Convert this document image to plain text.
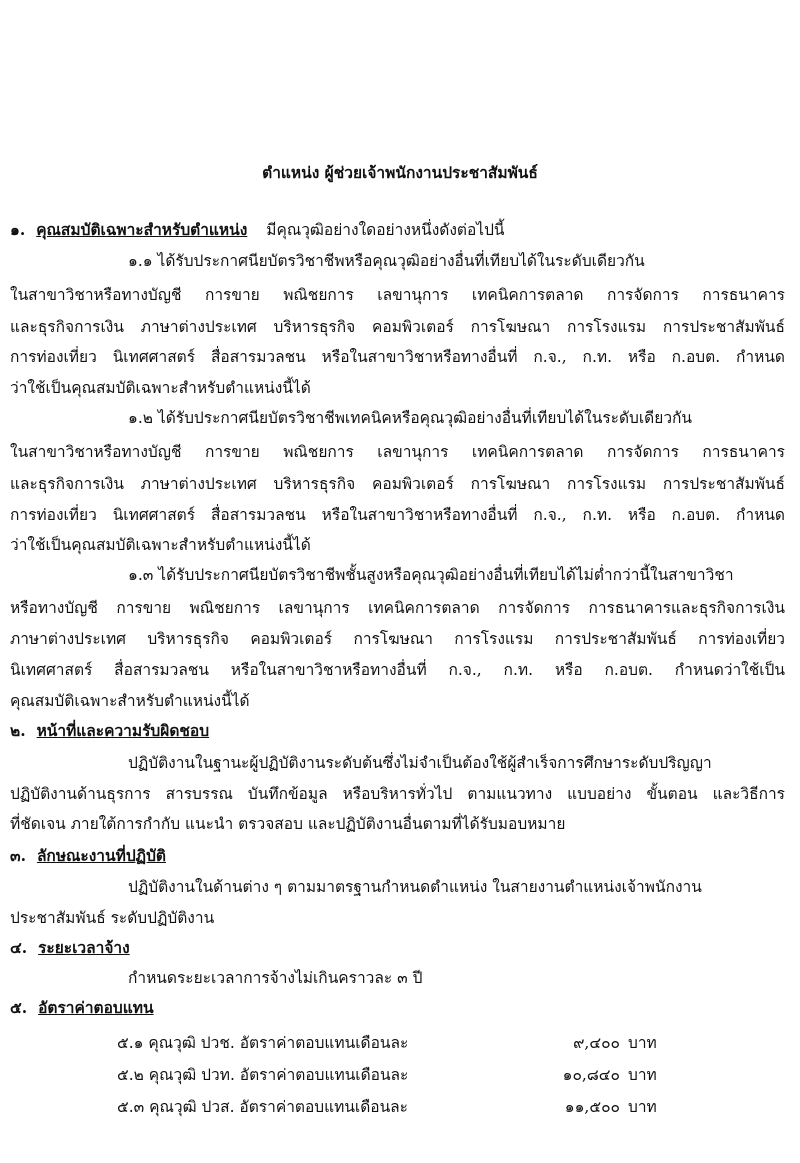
ตำแหน่ง ผู้ช่วยเจ้าพนักงานประชาสัมพันธ์
๑. คุณสมบัติเฉพาะสำหรับตำแหน่ง มีคุณวุฒิอย่างใดอย่างหนึ่งดังต่อไปนี้
๑.๑ ได้รับประกาศนียบัตรวิชาชีพหรือคุณวุฒิอย่างอื่นที่เทียบได้ในระดับเดียวกัน
ในสาขาวิชาหรือทางบัญชี การขาย พณิชยการ เลขานุการ เทคนิคการตลาด การจัดการ การธนาคาร
และธุรกิจการเงิน ภาษาต่างประเทศ บริหารธุรกิจ คอมพิวเตอร์ การโฆษณา การโรงแรม การประชาสัมพันธ์
การท่องเที่ยว นิเทศศาสตร์ สื่อสารมวลชน หรือในสาขาวิชาหรือทางอื่นที่ ก.จ., ก.ท. หรือ ก.อบต. กำหนด
ว่าใช้เป็นคุณสมบัติเฉพาะสำหรับตำแหน่งนี้ได้
๑.๒ ได้รับประกาศนียบัตรวิชาชีพเทคนิคหรือคุณวุฒิอย่างอื่นที่เทียบได้ในระดับเดียวกัน
ในสาขาวิชาหรือทางบัญชี การขาย พณิชยการ เลขานุการ เทคนิคการตลาด การจัดการ การธนาคาร
และธุรกิจการเงิน ภาษาต่างประเทศ บริหารธุรกิจ คอมพิวเตอร์ การโฆษณา การโรงแรม การประชาสัมพันธ์
การท่องเที่ยว นิเทศศาสตร์ สื่อสารมวลชน หรือในสาขาวิชาหรือทางอื่นที่ ก.จ., ก.ท. หรือ ก.อบต. กำหนด
ว่าใช้เป็นคุณสมบัติเฉพาะสำหรับตำแหน่งนี้ได้
๑.๓ ได้รับประกาศนียบัตรวิชาชีพชั้นสูงหรือคุณวุฒิอย่างอื่นที่เทียบได้ไม่ต่ำกว่านี้ในสาขาวิชา
หรือทางบัญชี การขาย พณิชยการ เลขานุการ เทคนิคการตลาด การจัดการ การธนาคารและธุรกิจการเงิน
ภาษาต่างประเทศ บริหารธุรกิจ คอมพิวเตอร์ การโฆษณา การโรงแรม การประชาสัมพันธ์ การท่องเที่ยว
นิเทศศาสตร์ สื่อสารมวลชน หรือในสาขาวิชาหรือทางอื่นที่ ก.จ., ก.ท. หรือ ก.อบต. กำหนดว่าใช้เป็น
คุณสมบัติเฉพาะสำหรับตำแหน่งนี้ได้
๒. หน้าที่และความรับผิดชอบ
ปฏิบัติงานในฐานะผู้ปฏิบัติงานระดับต้นซึ่งไม่จำเป็นต้องใช้ผู้สำเร็จการศึกษาระดับปริญญา
ปฏิบัติงานด้านธุรการ สารบรรณ บันทึกข้อมูล หรือบริหารทั่วไป ตามแนวทาง แบบอย่าง ขั้นตอน และวิธีการ
ที่ชัดเจน ภายใต้การกำกับ แนะนำ ตรวจสอบ และปฏิบัติงานอื่นตามที่ได้รับมอบหมาย
๓. ลักษณะงานที่ปฏิบัติ
ปฏิบัติงานในด้านต่าง ๆ ตามมาตรฐานกำหนดตำแหน่ง ในสายงานตำแหน่งเจ้าพนักงาน
ประชาสัมพันธ์ ระดับปฏิบัติงาน
๔. ระยะเวลาจ้าง
กำหนดระยะเวลาการจ้างไม่เกินคราวละ ๓ ปี
๕. อัตราค่าตอบแทน
๕.๑ คุณวุฒิ ปวช. อัตราค่าตอบแทนเดือนละ	๙,๔๐๐ บาท
๕.๒ คุณวุฒิ ปวท. อัตราค่าตอบแทนเดือนละ	๑๐,๘๔๐ บาท
๕.๓ คุณวุฒิ ปวส. อัตราค่าตอบแทนเดือนละ	๑๑,๕๐๐ บาท
